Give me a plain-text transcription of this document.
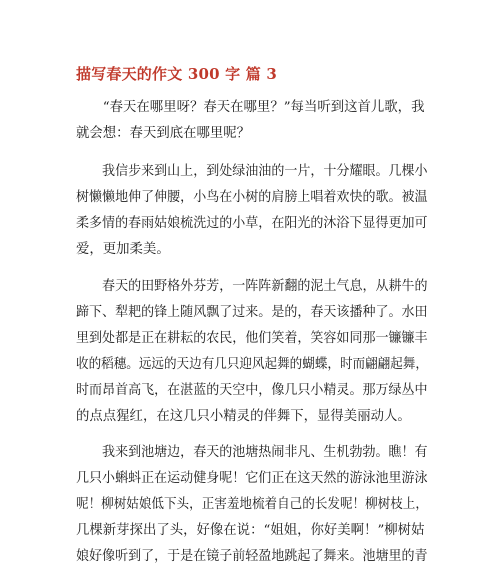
描写春天的作文 300 字 篇 3
　　“春天在哪里呀？春天在哪里？”每当听到这首儿歌，我
就会想：春天到底在哪里呢？
　　我信步来到山上，到处绿油油的一片，十分耀眼。几棵小
树懒懒地伸了伸腰，小鸟在小树的肩膀上唱着欢快的歌。被温
柔多情的春雨姑娘梳洗过的小草，在阳光的沐浴下显得更加可
爱，更加柔美。
　　春天的田野格外芬芳，一阵阵新翻的泥土气息，从耕牛的
蹄下、犁耙的锋上随风飘了过来。是的，春天该播种了。水田
里到处都是正在耕耘的农民，他们笑着，笑容如同那一镰镰丰
收的稻穗。远远的天边有几只迎风起舞的蝴蝶，时而翩翩起舞，
时而昂首高飞，在湛蓝的天空中，像几只小精灵。那万绿丛中
的点点猩红，在这几只小精灵的伴舞下，显得美丽动人。
　　我来到池塘边，春天的池塘热闹非凡、生机勃勃。瞧！有
几只小蝌蚪正在运动健身呢！它们正在这天然的游泳池里游泳
呢！柳树姑娘低下头，正害羞地梳着自己的长发呢！柳树枝上，
几棵新芽探出了头，好像在说：“姐姐，你好美啊！”柳树姑
娘好像听到了，于是在镜子前轻盈地跳起了舞来。池塘里的青
